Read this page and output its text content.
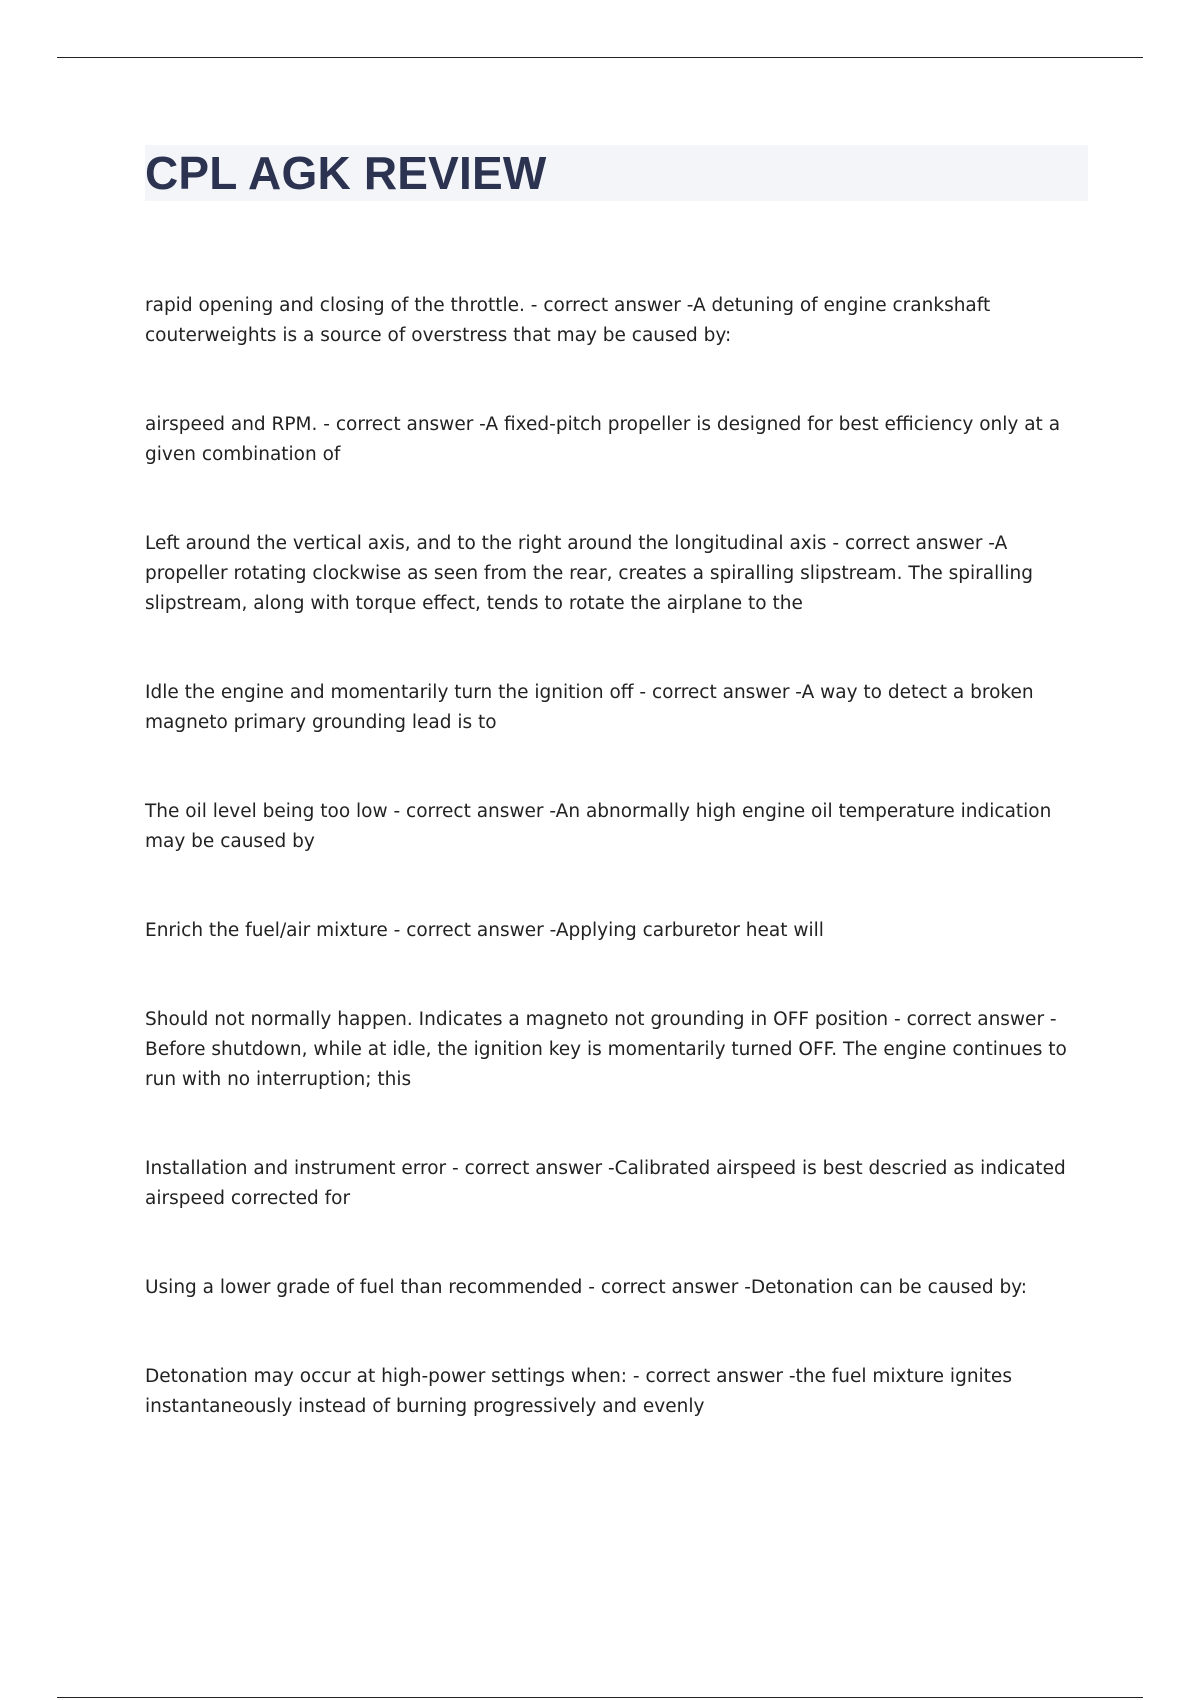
CPL AGK REVIEW

rapid opening and closing of the throttle. - correct answer -A detuning of engine crankshaft couterweights is a source of overstress that may be caused by:

airspeed and RPM. - correct answer -A fixed-pitch propeller is designed for best efficiency only at a given combination of

Left around the vertical axis, and to the right around the longitudinal axis - correct answer -A propeller rotating clockwise as seen from the rear, creates a spiralling slipstream. The spiralling slipstream, along with torque effect, tends to rotate the airplane to the

Idle the engine and momentarily turn the ignition off - correct answer -A way to detect a broken magneto primary grounding lead is to

The oil level being too low - correct answer -An abnormally high engine oil temperature indication may be caused by

Enrich the fuel/air mixture - correct answer -Applying carburetor heat will

Should not normally happen. Indicates a magneto not grounding in OFF position - correct answer -Before shutdown, while at idle, the ignition key is momentarily turned OFF. The engine continues to run with no interruption; this

Installation and instrument error - correct answer -Calibrated airspeed is best descried as indicated airspeed corrected for

Using a lower grade of fuel than recommended - correct answer -Detonation can be caused by:

Detonation may occur at high-power settings when: - correct answer -the fuel mixture ignites instantaneously instead of burning progressively and evenly
